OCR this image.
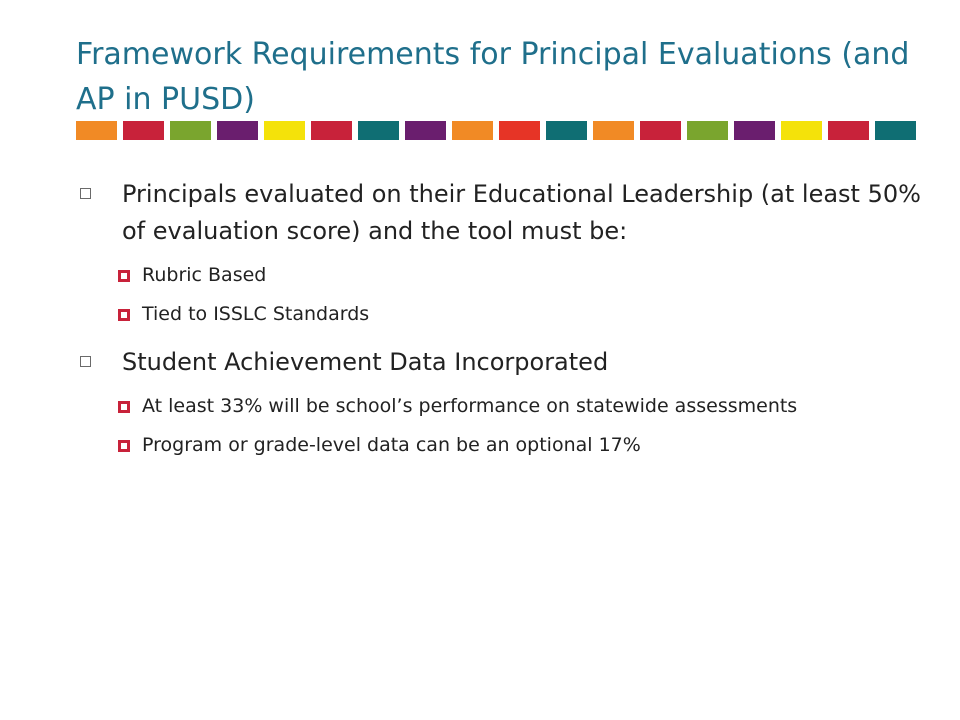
Framework Requirements for Principal Evaluations (and AP in PUSD)
Principals evaluated on their Educational Leadership (at least 50% of evaluation score) and the tool must be:
Rubric Based
Tied to ISSLC Standards
Student Achievement Data Incorporated
At least 33% will be school’s performance on statewide assessments
Program or grade-level data can be an optional 17%
